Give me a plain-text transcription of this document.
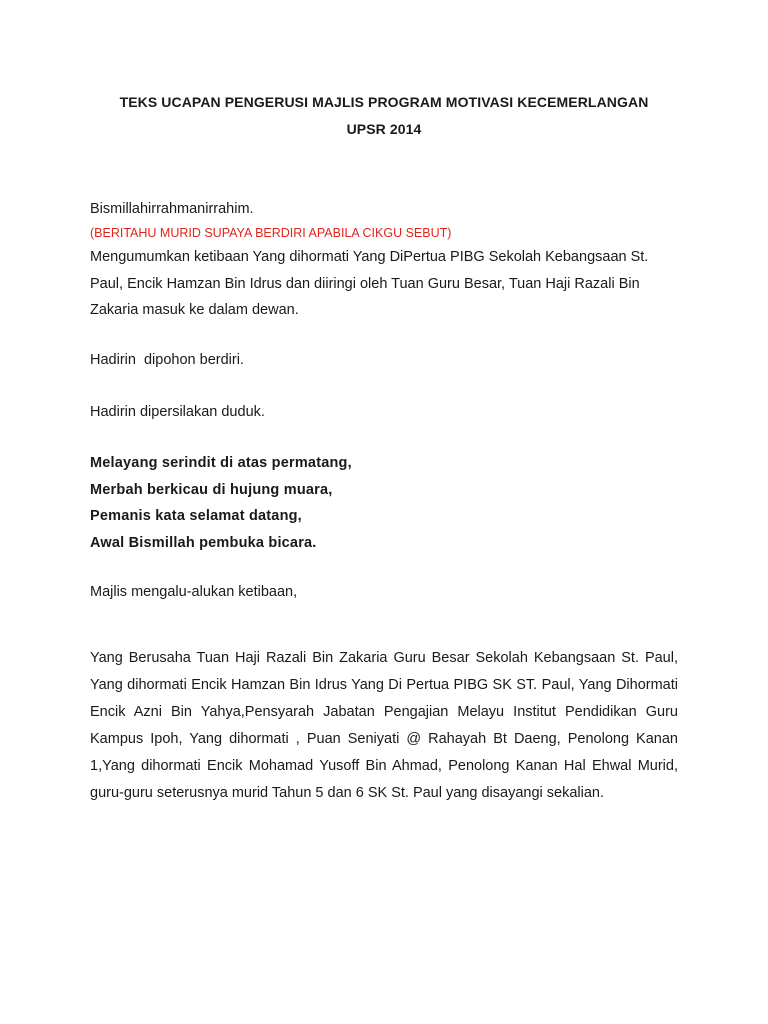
TEKS UCAPAN PENGERUSI MAJLIS PROGRAM MOTIVASI KECEMERLANGAN
UPSR 2014
Bismillahirrahmanirrahim.
(BERITAHU MURID SUPAYA BERDIRI APABILA CIKGU SEBUT)
Mengumumkan ketibaan Yang dihormati Yang DiPertua PIBG Sekolah Kebangsaan St. Paul, Encik Hamzan Bin Idrus dan diiringi oleh Tuan Guru Besar, Tuan Haji Razali Bin Zakaria masuk ke dalam dewan.
Hadirin  dipohon berdiri.
Hadirin dipersilakan duduk.
Melayang serindit di atas permatang,
Merbah berkicau di hujung muara,
Pemanis kata selamat datang,
Awal Bismillah pembuka bicara.
Majlis mengalu-alukan ketibaan,
Yang Berusaha Tuan Haji Razali Bin Zakaria Guru Besar Sekolah Kebangsaan St. Paul, Yang dihormati Encik Hamzan Bin Idrus Yang Di Pertua PIBG SK ST. Paul, Yang Dihormati Encik Azni Bin Yahya,Pensyarah Jabatan Pengajian Melayu Institut Pendidikan Guru Kampus Ipoh, Yang dihormati , Puan Seniyati @ Rahayah Bt Daeng, Penolong Kanan 1,Yang dihormati Encik Mohamad Yusoff Bin Ahmad, Penolong Kanan Hal Ehwal Murid, guru-guru seterusnya murid Tahun 5 dan 6 SK St. Paul yang disayangi sekalian.
